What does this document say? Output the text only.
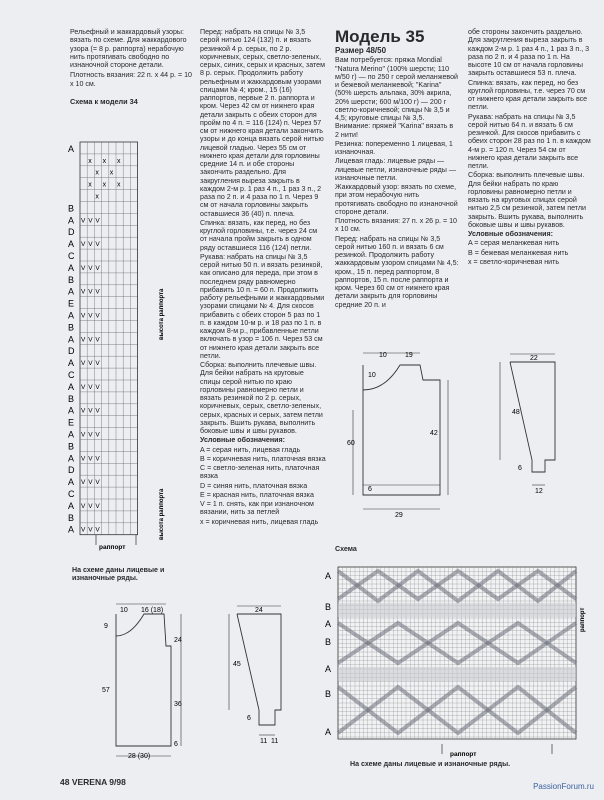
Рельефный и жаккардовый узоры: вязать по схеме. Для жаккардового узора (= 8 р. раппорта) нерабочую нить протягивать свободно по изнаночной стороне детали.

Плотность вязания: 22 п. x 44 р. = 10 x 10 см.

Схема к модели 34

A
B
A
D
A
C
A
B
A
E
A
B
A
D
A
C
A
B
A
E
A
B
A
D
A
C
A
B
A
x x x
x x
x x x
x
V V V
V V V
V V V
V V V
V V V
V V V
V V V
V V V
V V V
V V V
V V V
V V V
V V V
V V V
раппорт
высота раппорта
высота раппорта

На схеме даны лицевые и изнаночные ряды.

Перед: набрать на спицы № 3,5 серой нитью 124 (132) п. и вязать резинкой 4 р. серых, по 2 р. коричневых, серых, светло-зеленых, серых, синих, серых и красных, затем 8 р. серых. Продолжить работу рельефным и жаккардовым узорами спицами № 4; кром., 15 (16) раппортов, первые 2 п. раппорта и кром. Через 42 см от нижнего края детали закрыть с обеих сторон для пройм по 4 п. = 116 (124) п. Через 57 см от нижнего края детали закончить узоры и до конца вязать серой нитью лицевой гладью. Через 55 см от нижнего края детали для горловины средние 14 п. и обе стороны закончить раздельно. Для закругления выреза закрыть в каждом 2-м р. 1 раз 4 п., 1 раз 3 п., 2 раза по 2 п. и 4 раза по 1 п. Через 9 см от начала горловины закрыть оставшиеся 36 (40) п. плеча.

Спинка: вязать, как перед, но без круглой горловины, т.е. через 24 см от начала пройм закрыть в одном ряду оставшиеся 116 (124) петли.

Рукава: набрать на спицы № 3,5 серой нитью 50 п. и вязать резинкой, как описано для переда, при этом в последнем ряду равномерно прибавить 10 п. = 60 п. Продолжить работу рельефными и жаккардовыми узорами спицами № 4. Для скосов прибавить с обеих сторон 5 раз по 1 п. в каждом 10-м р. и 18 раз по 1 п. в каждом 8-м р., прибавленные петли включать в узор = 106 п. Через 53 см от нижнего края детали закрыть все петли.

Сборка: выполнить плечевые швы. Для бейки набрать на круговые спицы серой нитью по краю горловины равномерно петли и вязать резинкой по 2 р. серых, коричневых, серых, светло-зеленых, серых, красных и серых, затем петли закрыть. Вшить рукава, выполнить боковые швы и швы рукавов.

Условные обозначения:

A = серая нить, лицевая гладь

B = коричневая нить, платочная вязка

C = светло-зеленая нить, платочная вязка

D = синяя нить, платочная вязка

E = красная нить, платочная вязка

V = 1 п. снять, как при изнаночном вязании, нить за петлей

x = коричневая нить, лицевая гладь

Модель 35

Размер 48/50

Вам потребуется: пряжа Mondial "Natura Merino" (100% шерсти; 110 м/50 г) — по 250 г серой меланжевой и бежевой меланжевой; "Karina" (50% шерсть альпака, 30% акрила, 20% шерсти; 600 м/100 г) — 200 г светло-коричневой; спицы № 3,5 и 4,5; круговые спицы № 3,5. Внимание: пряжей "Karina" вязать в 2 нити!

Резинка: попеременно 1 лицевая, 1 изнаночная.

Лицевая гладь: лицевые ряды — лицевые петли, изнаночные ряды — изнаночные петли.

Жаккардовый узор: вязать по схеме, при этом нерабочую нить протягивать свободно по изнаночной стороне детали.

Плотность вязания: 27 п. x 26 р. = 10 x 10 см.

Перед: набрать на спицы № 3,5 серой нитью 160 п. и вязать 6 см резинкой. Продолжить работу жаккардовым узором спицами № 4,5: кром., 15 п. перед раппортом, 8 раппортов, 15 п. после раппорта и кром. Через 60 см от нижнего края детали закрыть для горловины средние 20 п. и

обе стороны закончить раздельно. Для закругления выреза закрыть в каждом 2-м р. 1 раз 4 п., 1 раз 3 п., 3 раза по 2 п. и 4 раза по 1 п. На высоте 10 см от начала горловины закрыть оставшиеся 53 п. плеча.

Спинка: вязать, как перед, но без круглой горловины, т.е. через 70 см от нижнего края детали закрыть все петли.

Рукава: набрать на спицы № 3,5 серой нитью 64 п. и вязать 6 см резинкой. Для скосов прибавить с обеих сторон 28 раз по 1 п. в каждом 4-м р. = 120 п. Через 54 см от нижнего края детали закрыть все петли.

Сборка: выполнить плечевые швы. Для бейки набрать по краю горловины равномерно петли и вязать на круговых спицах серой нитью 2,5 см резинкой, затем петли закрыть. Вшить рукава, выполнить боковые швы и швы рукавов.

Условные обозначения:

A = серая меланжевая нить

B = бежевая меланжевая нить

x = светло-коричневая нить

10	19
10
42
60
29
6
22
48
6
12
10 16 (18)
9
24
57
36
28 (30)
6
24
45
6
11 11

Схема

A
B
A
B
A
B
A
раппорт
раппорт

На схеме даны лицевые и изнаночные ряды.

48 VERENA 9/98	PassionForum.ru
